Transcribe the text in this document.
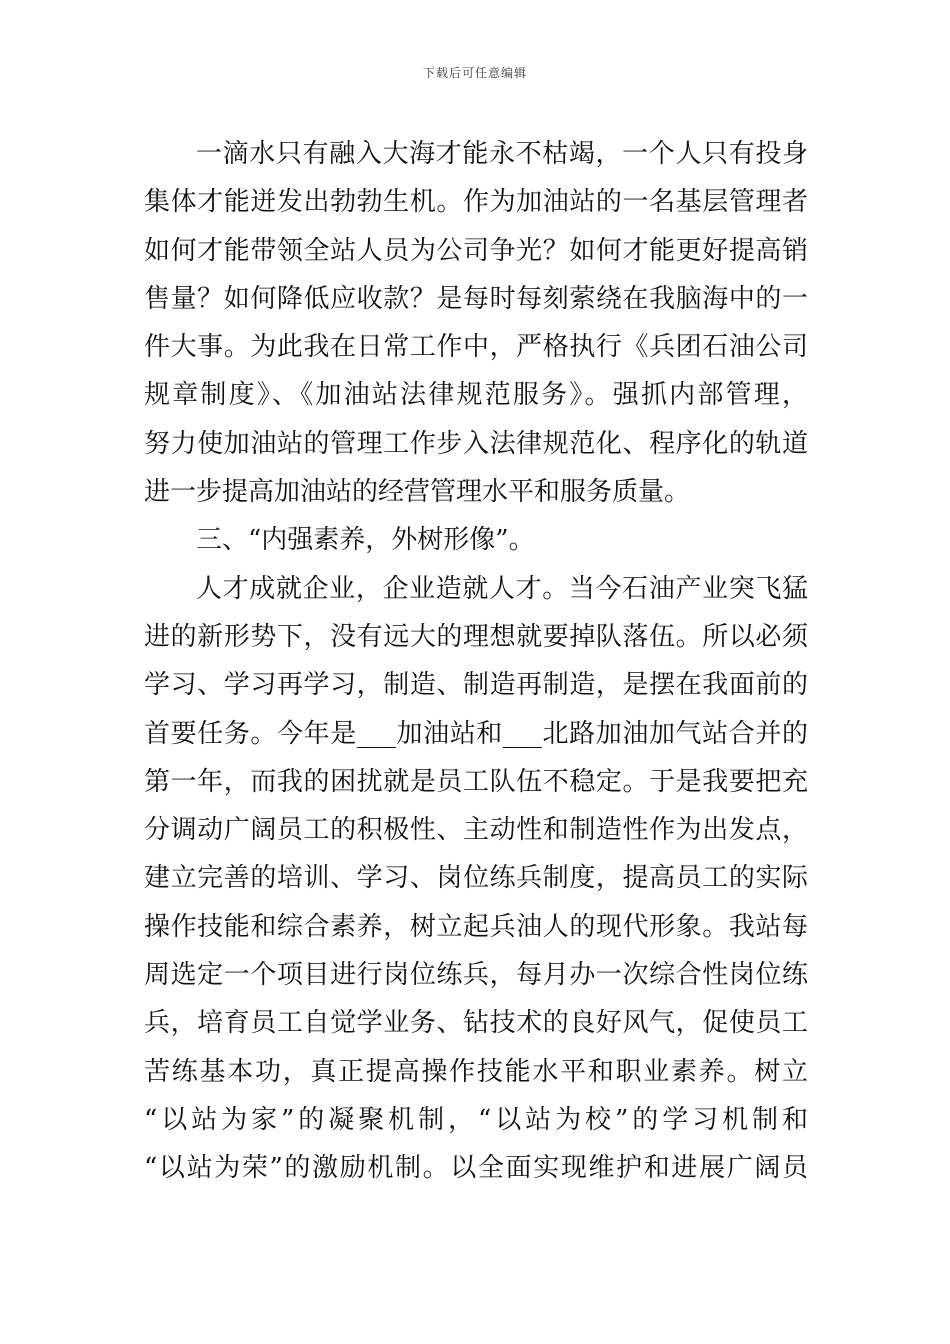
下载后可任意编辑
一滴水只有融入大海才能永不枯竭，一个人只有投身
集体才能迸发出勃勃生机。作为加油站的一名基层管理者
如何才能带领全站人员为公司争光？如何才能更好提高销
售量？如何降低应收款？是每时每刻萦绕在我脑海中的一
件大事。为此我在日常工作中，严格执行《兵团石油公司
规章制度》、《加油站法律规范服务》。强抓内部管理，
努力使加油站的管理工作步入法律规范化、程序化的轨道
进一步提高加油站的经营管理水平和服务质量。
三、“内强素养，外树形像”。
人才成就企业，企业造就人才。当今石油产业突飞猛
进的新形势下，没有远大的理想就要掉队落伍。所以必须
学习、学习再学习，制造、制造再制造，是摆在我面前的
首要任务。今年是___加油站和___北路加油加气站合并的
第一年，而我的困扰就是员工队伍不稳定。于是我要把充
分调动广阔员工的积极性、主动性和制造性作为出发点，
建立完善的培训、学习、岗位练兵制度，提高员工的实际
操作技能和综合素养，树立起兵油人的现代形象。我站每
周选定一个项目进行岗位练兵，每月办一次综合性岗位练
兵，培育员工自觉学业务、钻技术的良好风气，促使员工
苦练基本功，真正提高操作技能水平和职业素养。树立
“以站为家”的凝聚机制，“以站为校”的学习机制和
“以站为荣”的激励机制。以全面实现维护和进展广阔员
